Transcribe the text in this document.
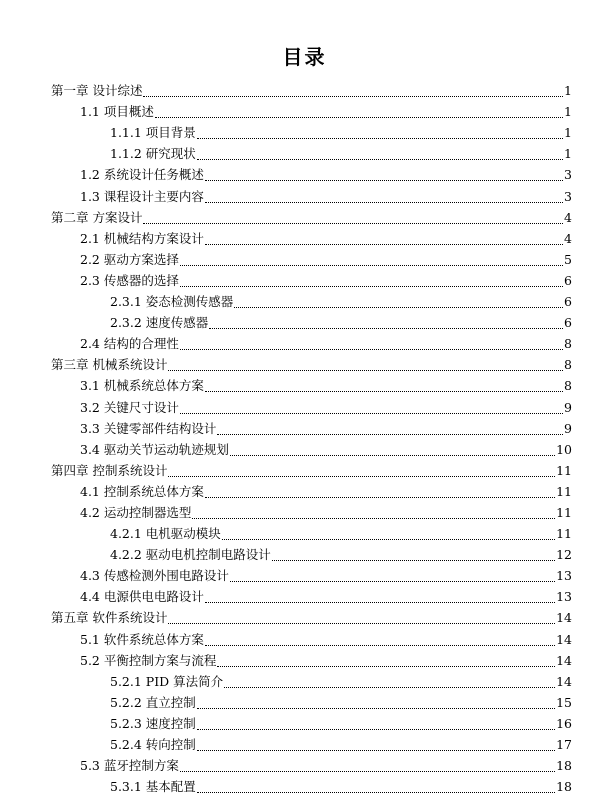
目录
第一章 设计综述	1
1.1 项目概述	1
1.1.1 项目背景	1
1.1.2 研究现状	1
1.2 系统设计任务概述	3
1.3 课程设计主要内容	3
第二章 方案设计	4
2.1 机械结构方案设计	4
2.2 驱动方案选择	5
2.3 传感器的选择	6
2.3.1 姿态检测传感器	6
2.3.2 速度传感器	6
2.4 结构的合理性	8
第三章 机械系统设计	8
3.1 机械系统总体方案	8
3.2 关键尺寸设计	9
3.3 关键零部件结构设计	9
3.4 驱动关节运动轨迹规划	10
第四章 控制系统设计	11
4.1 控制系统总体方案	11
4.2 运动控制器选型	11
4.2.1 电机驱动模块	11
4.2.2 驱动电机控制电路设计	12
4.3 传感检测外围电路设计	13
4.4 电源供电电路设计	13
第五章 软件系统设计	14
5.1 软件系统总体方案	14
5.2 平衡控制方案与流程	14
5.2.1 PID 算法简介	14
5.2.2 直立控制	15
5.2.3 速度控制	16
5.2.4 转向控制	17
5.3 蓝牙控制方案	18
5.3.1 基本配置	18
